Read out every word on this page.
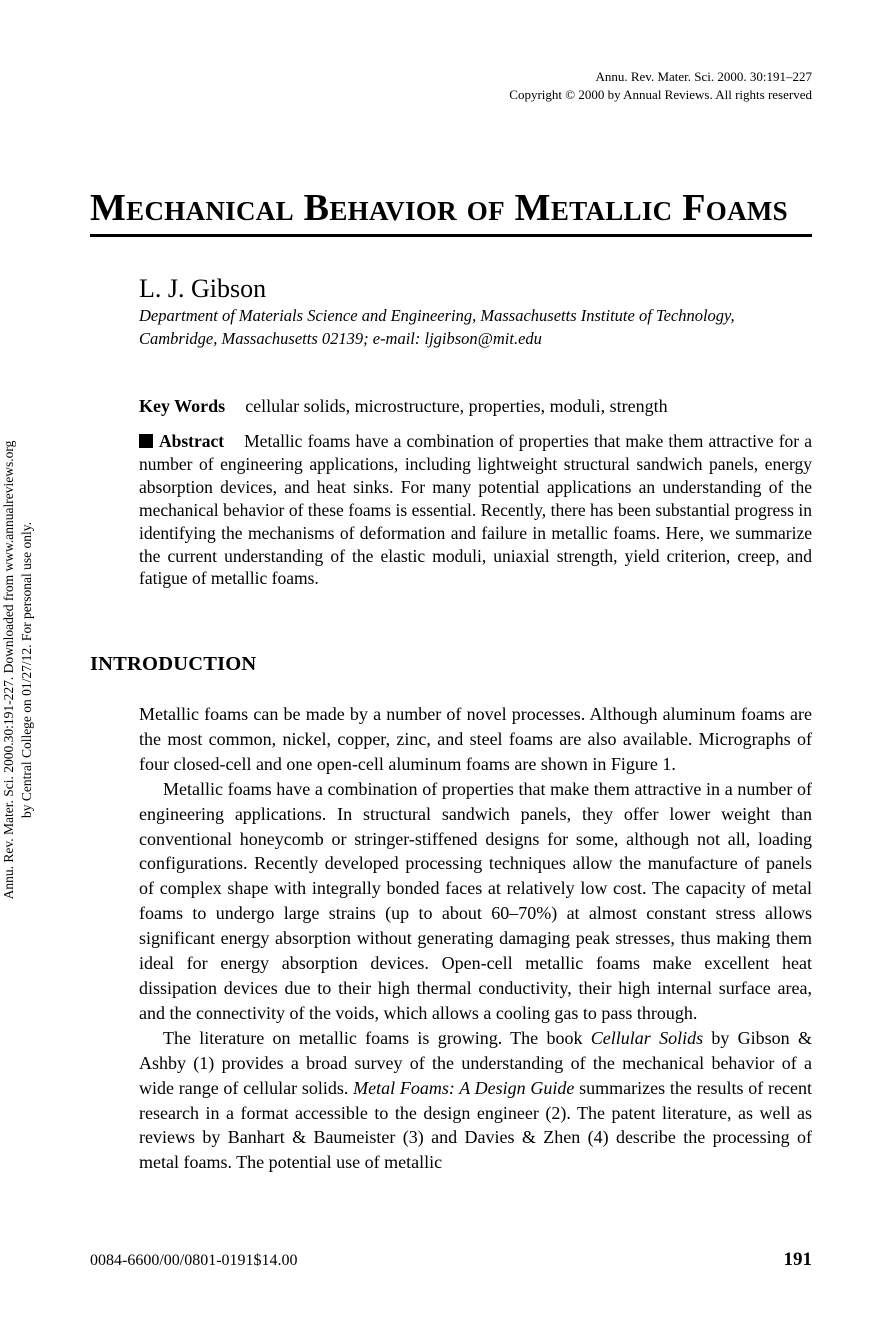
Annu. Rev. Mater. Sci. 2000. 30:191–227
Copyright © 2000 by Annual Reviews. All rights reserved
Mechanical Behavior of Metallic Foams
L. J. Gibson
Department of Materials Science and Engineering, Massachusetts Institute of Technology,
Cambridge, Massachusetts 02139; e-mail: ljgibson@mit.edu
Key Words cellular solids, microstructure, properties, moduli, strength

Abstract Metallic foams have a combination of properties that make them attractive for a number of engineering applications, including lightweight structural sandwich panels, energy absorption devices, and heat sinks. For many potential applications an understanding of the mechanical behavior of these foams is essential. Recently, there has been substantial progress in identifying the mechanisms of deformation and failure in metallic foams. Here, we summarize the current understanding of the elastic moduli, uniaxial strength, yield criterion, creep, and fatigue of metallic foams.

INTRODUCTION

Metallic foams can be made by a number of novel processes. Although aluminum foams are the most common, nickel, copper, zinc, and steel foams are also available. Micrographs of four closed-cell and one open-cell aluminum foams are shown in Figure 1.

Metallic foams have a combination of properties that make them attractive in a number of engineering applications. In structural sandwich panels, they offer lower weight than conventional honeycomb or stringer-stiffened designs for some, although not all, loading configurations. Recently developed processing techniques allow the manufacture of panels of complex shape with integrally bonded faces at relatively low cost. The capacity of metal foams to undergo large strains (up to about 60–70%) at almost constant stress allows significant energy absorption without generating damaging peak stresses, thus making them ideal for energy absorption devices. Open-cell metallic foams make excellent heat dissipation devices due to their high thermal conductivity, their high internal surface area, and the connectivity of the voids, which allows a cooling gas to pass through.

The literature on metallic foams is growing. The book Cellular Solids by Gibson & Ashby (1) provides a broad survey of the understanding of the mechanical behavior of a wide range of cellular solids. Metal Foams: A Design Guide summarizes the results of recent research in a format accessible to the design engineer (2). The patent literature, as well as reviews by Banhart & Baumeister (3) and Davies & Zhen (4) describe the processing of metal foams. The potential use of metallic

0084-6600/00/0801-0191$14.00	191
Annu. Rev. Mater. Sci. 2000.30:191-227. Downloaded from www.annualreviews.org by Central College on 01/27/12. For personal use only.
